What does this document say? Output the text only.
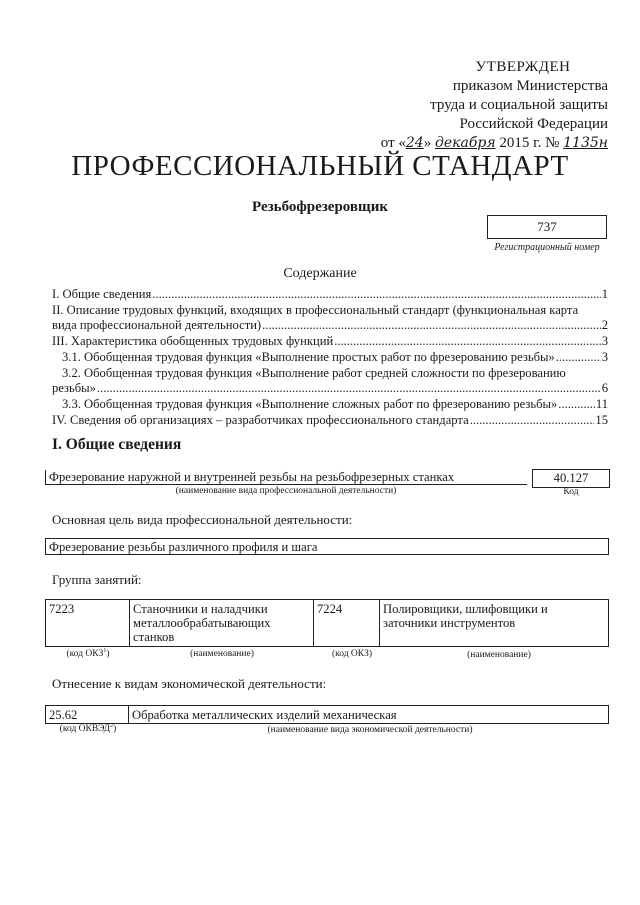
УТВЕРЖДЕН
приказом Министерства
труда и социальной защиты
Российской Федерации
от «24» декабря 2015 г. № 1135н
ПРОФЕССИОНАЛЬНЫЙ СТАНДАРТ
Резьбофрезеровщик
737
Регистрационный номер
Содержание
I. Общие сведения .....	1
II. Описание трудовых функций, входящих в профессиональный стандарт (функциональная карта
вида профессиональной деятельности) .....	2
III. Характеристика обобщенных трудовых функций .....	3
3.1. Обобщенная трудовая функция «Выполнение простых работ по фрезерованию резьбы» .....	3
3.2. Обобщенная трудовая функция «Выполнение работ средней сложности по фрезерованию
резьбы» .....	6
3.3. Обобщенная трудовая функция «Выполнение сложных работ по фрезерованию резьбы» .....	11
IV. Сведения об организациях – разработчиках профессионального стандарта .....	15
I. Общие сведения
Фрезерование наружной и внутренней резьбы на резьбофрезерных станках
(наименование вида профессиональной деятельности)
40.127
Код
Основная цель вида профессиональной деятельности:
Фрезерование резьбы различного профиля и шага
Группа занятий:
7223	Станочники и наладчики металлообрабатывающих станков	7224	Полировщики, шлифовщики и заточники инструментов
(код ОКЗ$^1$)	(наименование)	(код ОКЗ)	(наименование)
Отнесение к видам экономической деятельности:
25.62	Обработка металлических изделий механическая
(код ОКВЭД$^2$)	(наименование вида экономической деятельности)
